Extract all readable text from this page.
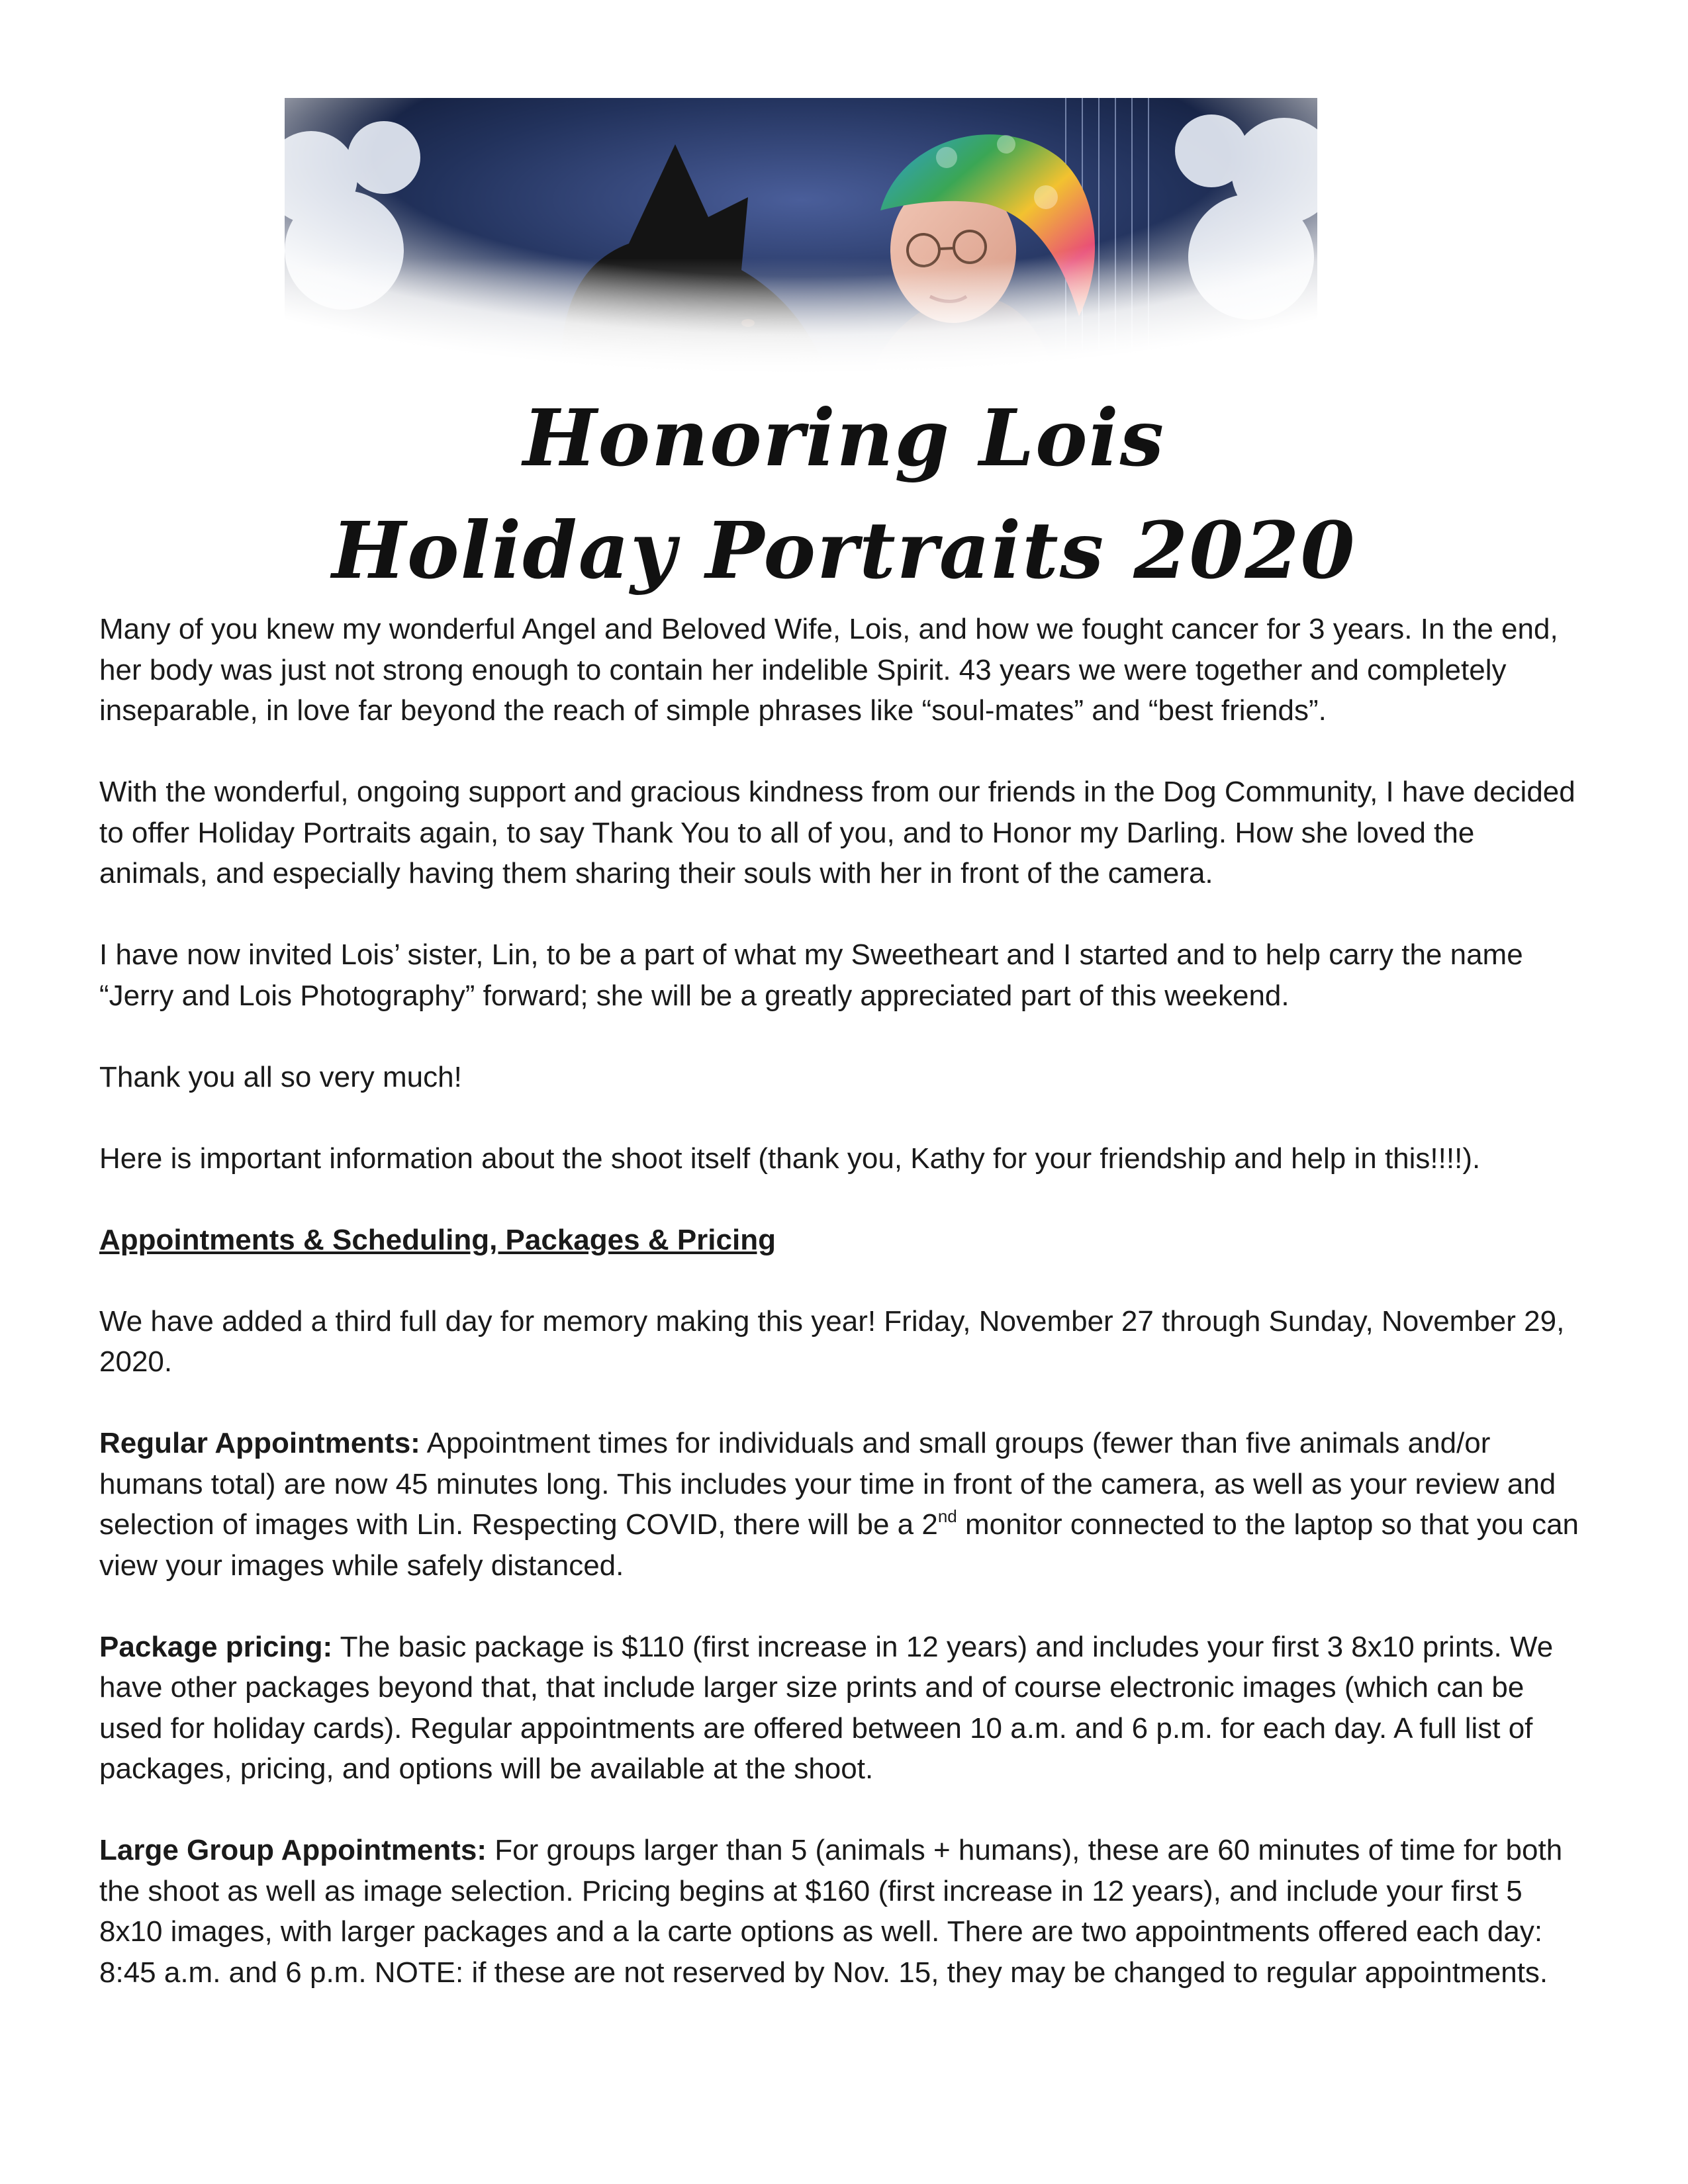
Honoring Lois
Holiday Portraits 2020

Many of you knew my wonderful Angel and Beloved Wife, Lois, and how we fought cancer for 3 years. In the end, her body was just not strong enough to contain her indelible Spirit. 43 years we were together and completely inseparable, in love far beyond the reach of simple phrases like “soul-mates” and “best friends”.

With the wonderful, ongoing support and gracious kindness from our friends in the Dog Community, I have decided to offer Holiday Portraits again, to say Thank You to all of you, and to Honor my Darling. How she loved the animals, and especially having them sharing their souls with her in front of the camera.

I have now invited Lois’ sister, Lin, to be a part of what my Sweetheart and I started and to help carry the name “Jerry and Lois Photography” forward; she will be a greatly appreciated part of this weekend.

Thank you all so very much!

Here is important information about the shoot itself (thank you, Kathy for your friendship and help in this!!!!).

Appointments & Scheduling, Packages & Pricing

We have added a third full day for memory making this year! Friday, November 27 through Sunday, November 29, 2020.

Regular Appointments: Appointment times for individuals and small groups (fewer than five animals and/or humans total) are now 45 minutes long. This includes your time in front of the camera, as well as your review and selection of images with Lin. Respecting COVID, there will be a 2nd monitor connected to the laptop so that you can view your images while safely distanced.

Package pricing: The basic package is $110 (first increase in 12 years) and includes your first 3 8x10 prints. We have other packages beyond that, that include larger size prints and of course electronic images (which can be used for holiday cards). Regular appointments are offered between 10 a.m. and 6 p.m. for each day. A full list of packages, pricing, and options will be available at the shoot.

Large Group Appointments: For groups larger than 5 (animals + humans), these are 60 minutes of time for both the shoot as well as image selection. Pricing begins at $160 (first increase in 12 years), and include your first 5 8x10 images, with larger packages and a la carte options as well. There are two appointments offered each day: 8:45 a.m. and 6 p.m. NOTE: if these are not reserved by Nov. 15, they may be changed to regular appointments.
